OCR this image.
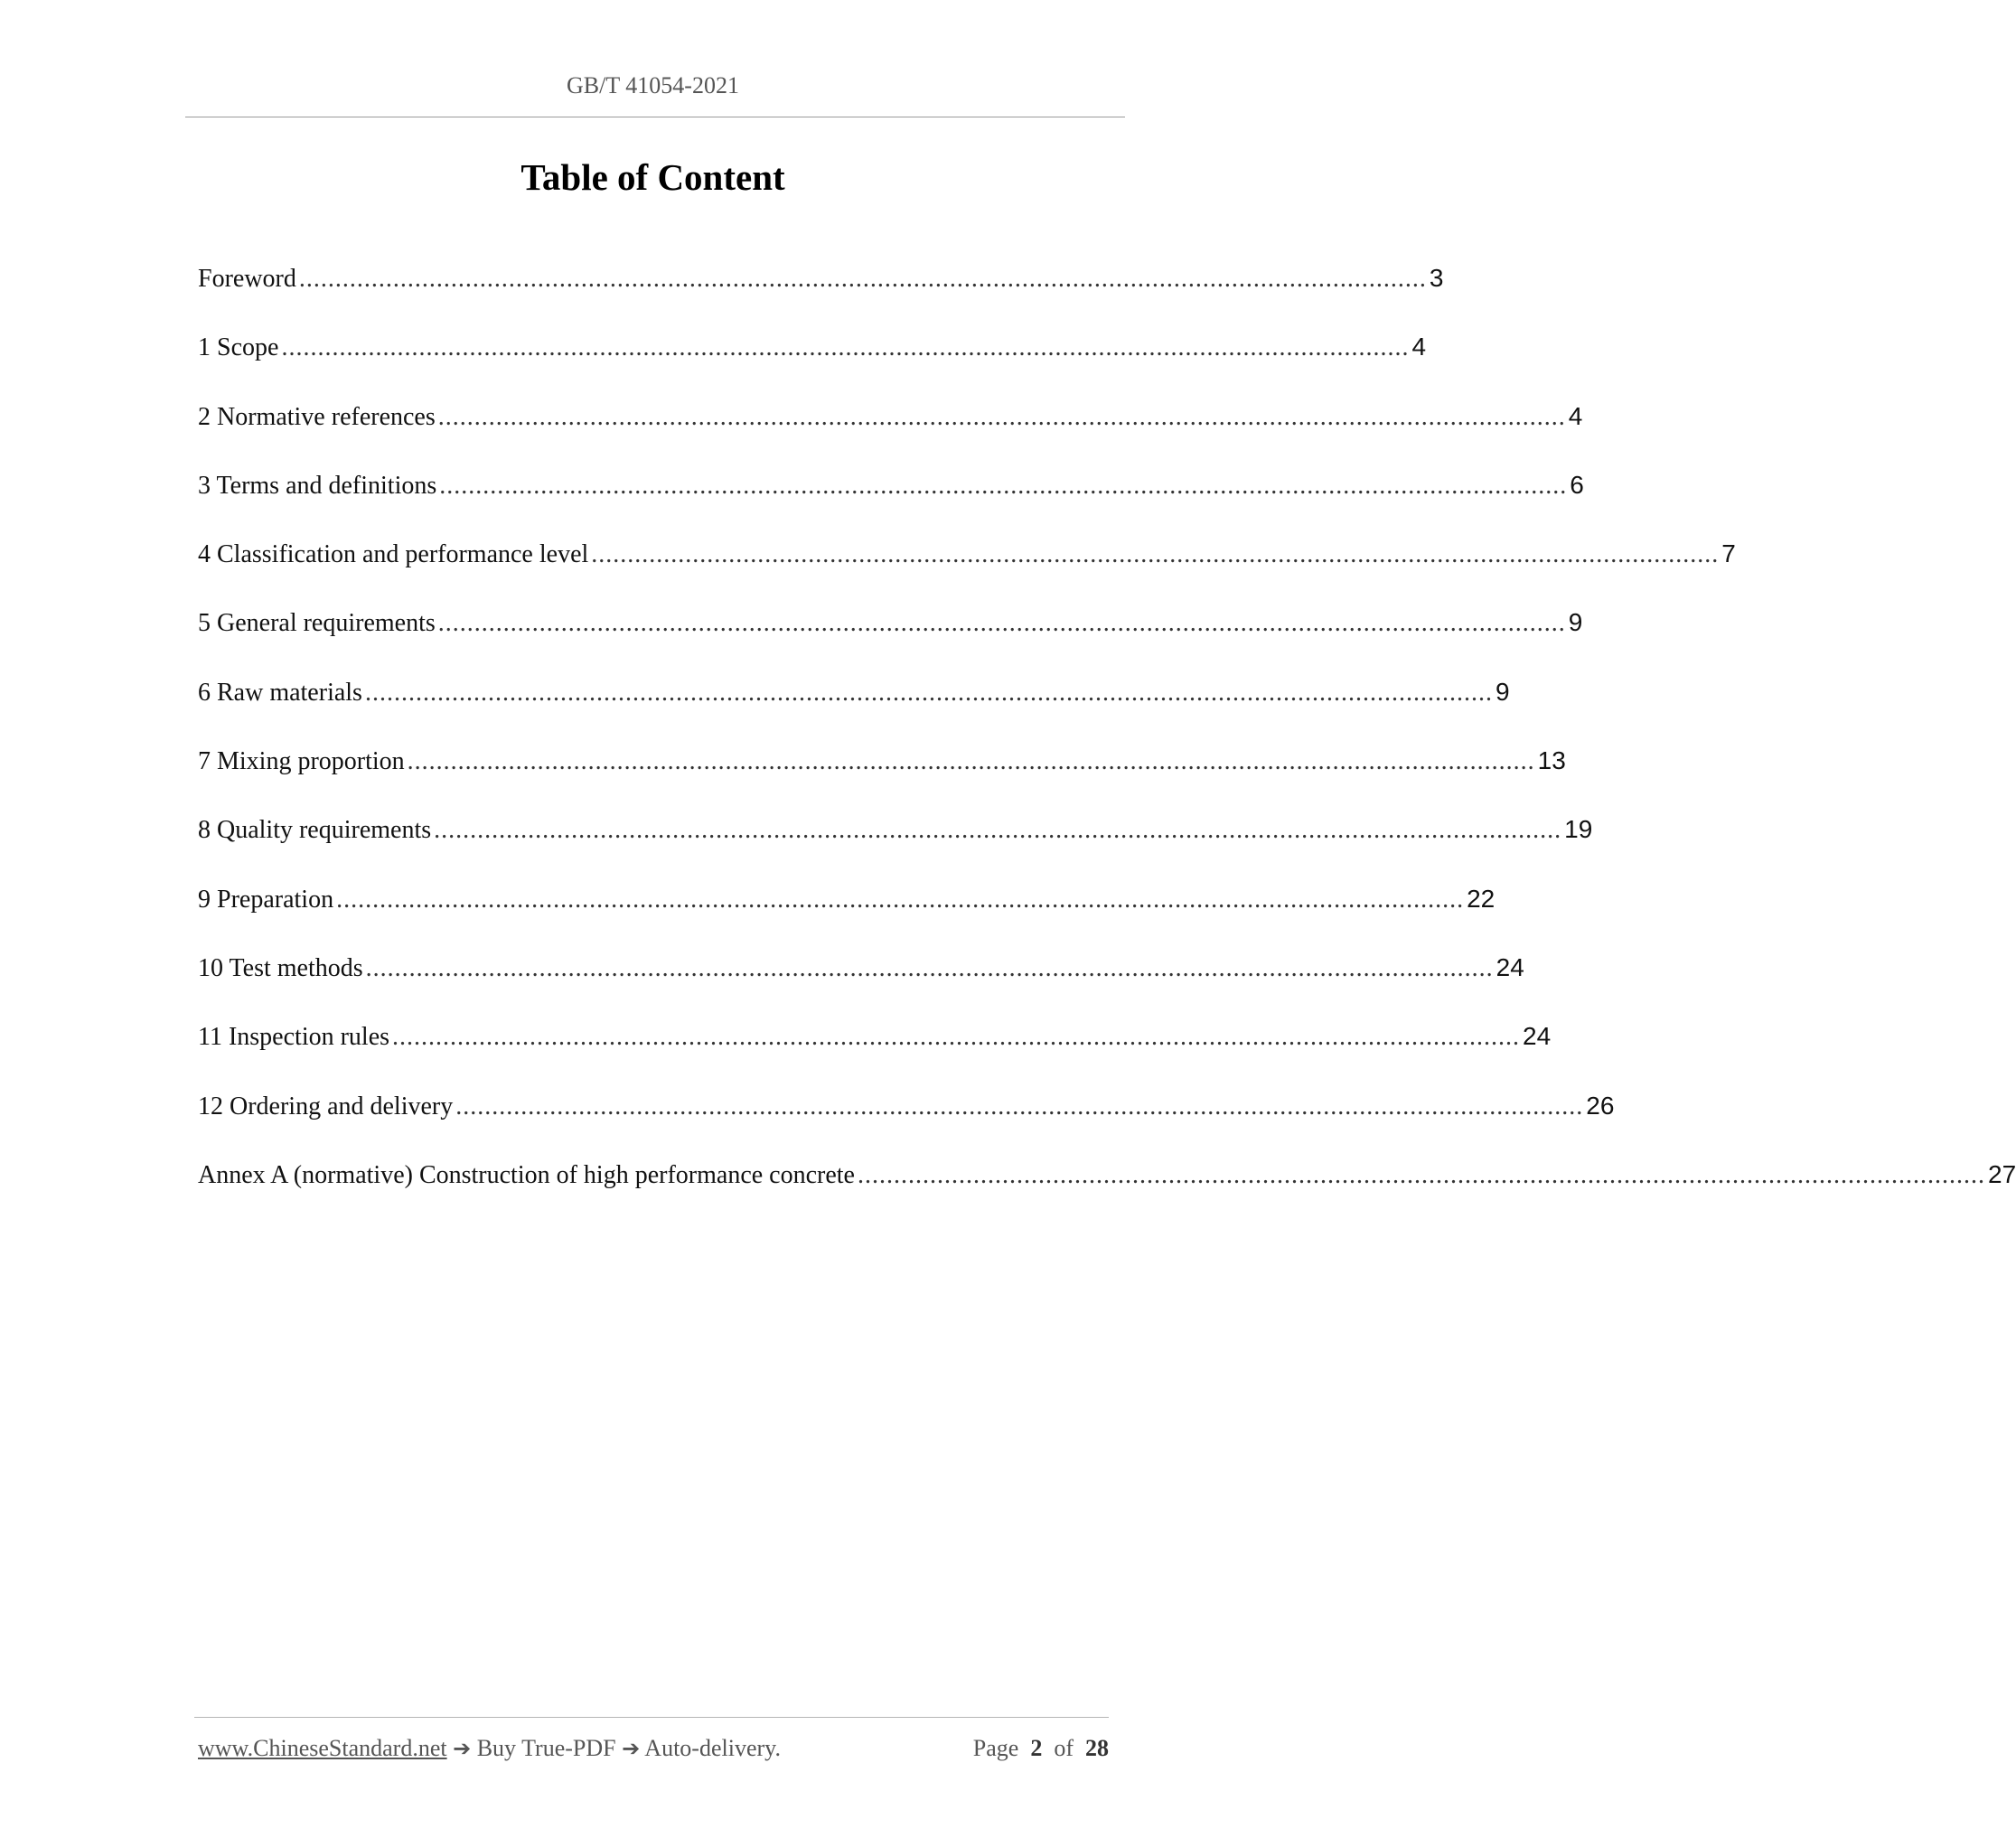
GB/T 41054-2021
Table of Content
Foreword ............................................................................................................................................................ 3
1 Scope ............................................................................................................................................................ 4
2 Normative references ............................................................................................................................................................ 4
3 Terms and definitions ............................................................................................................................................................ 6
4 Classification and performance level ............................................................................................................................................................ 7
5 General requirements ............................................................................................................................................................ 9
6 Raw materials ............................................................................................................................................................ 9
7 Mixing proportion ............................................................................................................................................................ 13
8 Quality requirements ............................................................................................................................................................ 19
9 Preparation ............................................................................................................................................................ 22
10 Test methods ............................................................................................................................................................ 24
11 Inspection rules ............................................................................................................................................................ 24
12 Ordering and delivery ............................................................................................................................................................ 26
Annex A (normative) Construction of high performance concrete ............................................................................................................................................................ 27
www.ChineseStandard.net ➔ Buy True-PDF ➔ Auto-delivery.	Page 2 of 28
